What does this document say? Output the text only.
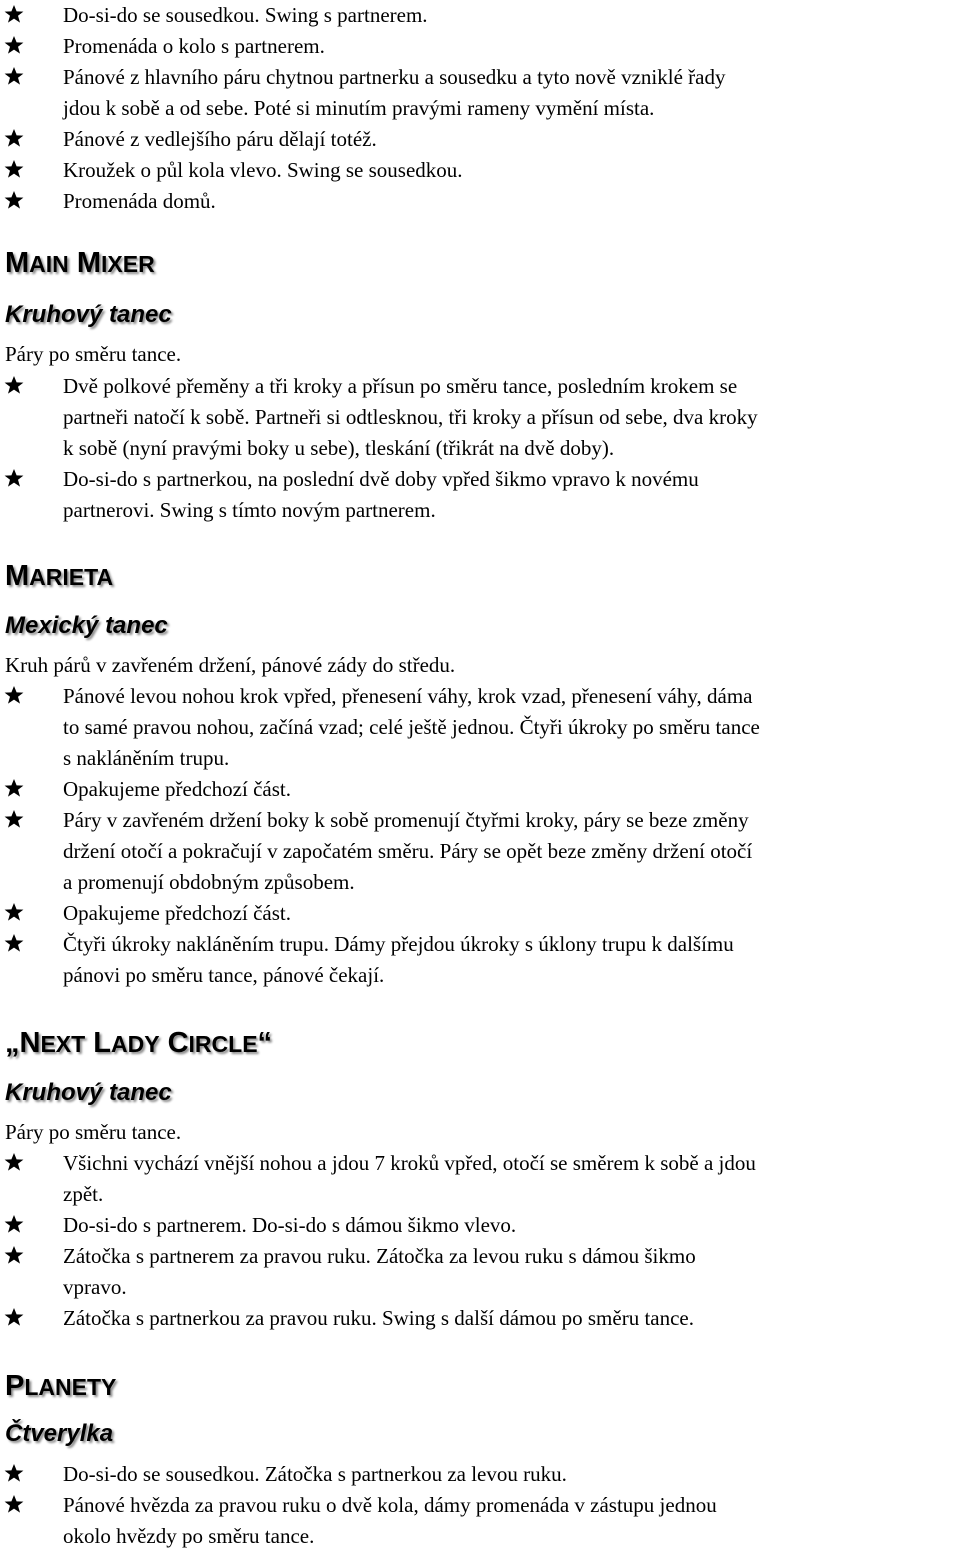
Do-si-do se sousedkou. Swing s partnerem.
Promenáda o kolo s partnerem.
Pánové z hlavního páru chytnou partnerku a sousedku a tyto nově vzniklé řady
jdou k sobě a od sebe. Poté si minutím pravými rameny vymění místa.
Pánové z vedlejšího páru dělají totéž.
Kroužek o půl kola vlevo. Swing se sousedkou.
Promenáda domů.
MAIN MIXER
Kruhový tanec
Páry po směru tance.
Dvě polkové přeměny a tři kroky a přísun po směru tance, posledním krokem se
partneři natočí k sobě. Partneři si odtlesknou, tři kroky a přísun od sebe, dva kroky
k sobě (nyní pravými boky u sebe), tleskání (třikrát na dvě doby).
Do-si-do s partnerkou, na poslední dvě doby vpřed šikmo vpravo k novému
partnerovi. Swing s tímto novým partnerem.
MARIETA
Mexický tanec
Kruh párů v zavřeném držení, pánové zády do středu.
Pánové levou nohou krok vpřed, přenesení váhy, krok vzad, přenesení váhy, dáma
to samé pravou nohou, začíná vzad; celé ještě jednou. Čtyři úkroky po směru tance
s nakláněním trupu.
Opakujeme předchozí část.
Páry v zavřeném držení boky k sobě promenují čtyřmi kroky, páry se beze změny
držení otočí a pokračují v započatém směru. Páry se opět beze změny držení otočí
a promenují obdobným způsobem.
Opakujeme předchozí část.
Čtyři úkroky nakláněním trupu. Dámy přejdou úkroky s úklony trupu k dalšímu
pánovi po směru tance, pánové čekají.
„NEXT LADY CIRCLE“
Kruhový tanec
Páry po směru tance.
Všichni vychází vnější nohou a jdou 7 kroků vpřed, otočí se směrem k sobě a jdou
zpět.
Do-si-do s partnerem. Do-si-do s dámou šikmo vlevo.
Zátočka s partnerem za pravou ruku. Zátočka za levou ruku s dámou šikmo
vpravo.
Zátočka s partnerkou za pravou ruku. Swing s další dámou po směru tance.
PLANETY
Čtverylka
Do-si-do se sousedkou. Zátočka s partnerkou za levou ruku.
Pánové hvězda za pravou ruku o dvě kola, dámy promenáda v zástupu jednou
okolo hvězdy po směru tance.
